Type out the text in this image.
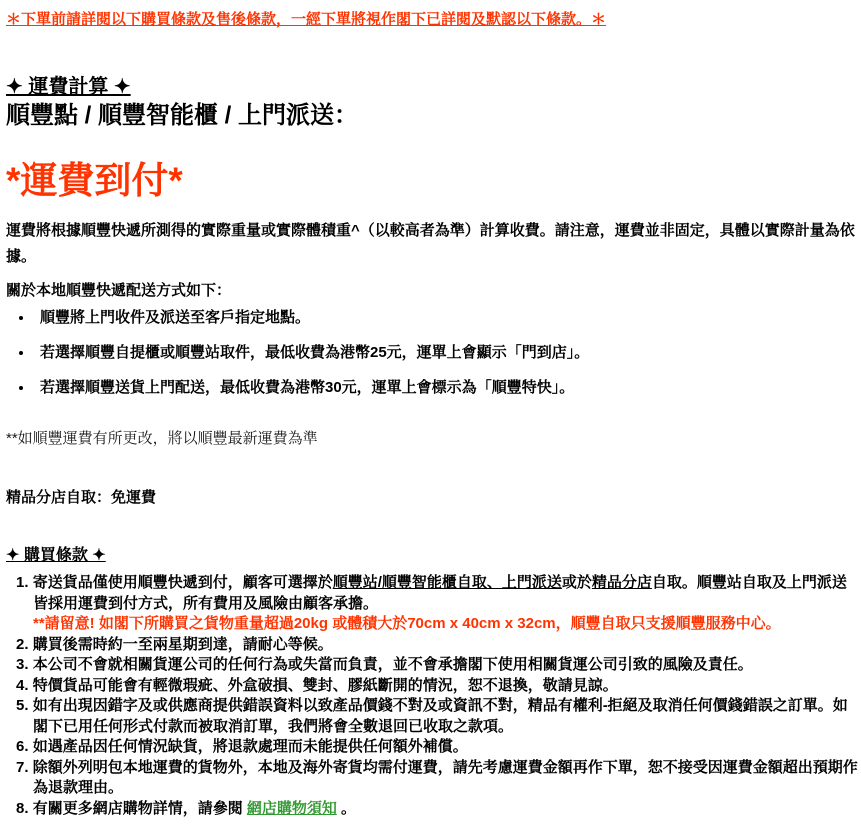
＊下單前請詳閱以下購買條款及售後條款，一經下單將視作閣下已詳閱及默認以下條款。＊

✦ 運費計算 ✦
順豐點 / 順豐智能櫃 / 上門派送：
*運費到付*

運費將根據順豐快遞所測得的實際重量或實際體積重^（以較高者為準）計算收費。請注意，運費並非固定，具體以實際計量為依據。

關於本地順豐快遞配送方式如下：

• 順豐將上門收件及派送至客戶指定地點。
• 若選擇順豐自提櫃或順豐站取件，最低收費為港幣25元，運單上會顯示「門到店」。
• 若選擇順豐送貨上門配送，最低收費為港幣30元，運單上會標示為「順豐特快」。

**如順豐運費有所更改，將以順豐最新運費為準

精品分店自取：免運費

✦ 購買條款 ✦
寄送貨品僅使用順豐快遞到付，顧客可選擇於順豐站/順豐智能櫃自取、上門派送或於精品分店自取。順豐站自取及上門派送皆採用運費到付方式，所有費用及風險由顧客承擔。
**請留意! 如閣下所購買之貨物重量超過20kg 或體積大於70cm x 40cm x 32cm，順豐自取只支援順豐服務中心。
購買後需時約一至兩星期到達，請耐心等候。
本公司不會就相關貨運公司的任何行為或失當而負責，並不會承擔閣下使用相關貨運公司引致的風險及責任。
特價貨品可能會有輕微瑕疵、外盒破損、雙封、膠紙斷開的情況，恕不退換，敬請見諒。
如有出現因錯字及或供應商提供錯誤資料以致產品價錢不對及或資訊不對，精品有權利-拒絕及取消任何價錢錯誤之訂單。如閣下已用任何形式付款而被取消訂單，我們將會全數退回已收取之款項。
如遇產品因任何情況缺貨，將退款處理而未能提供任何額外補償。
除額外列明包本地運費的貨物外，本地及海外寄貨均需付運費，請先考慮運費金額再作下單，恕不接受因運費金額超出預期作為退款理由。
有關更多網店購物詳情，請參閱 網店購物須知 。
